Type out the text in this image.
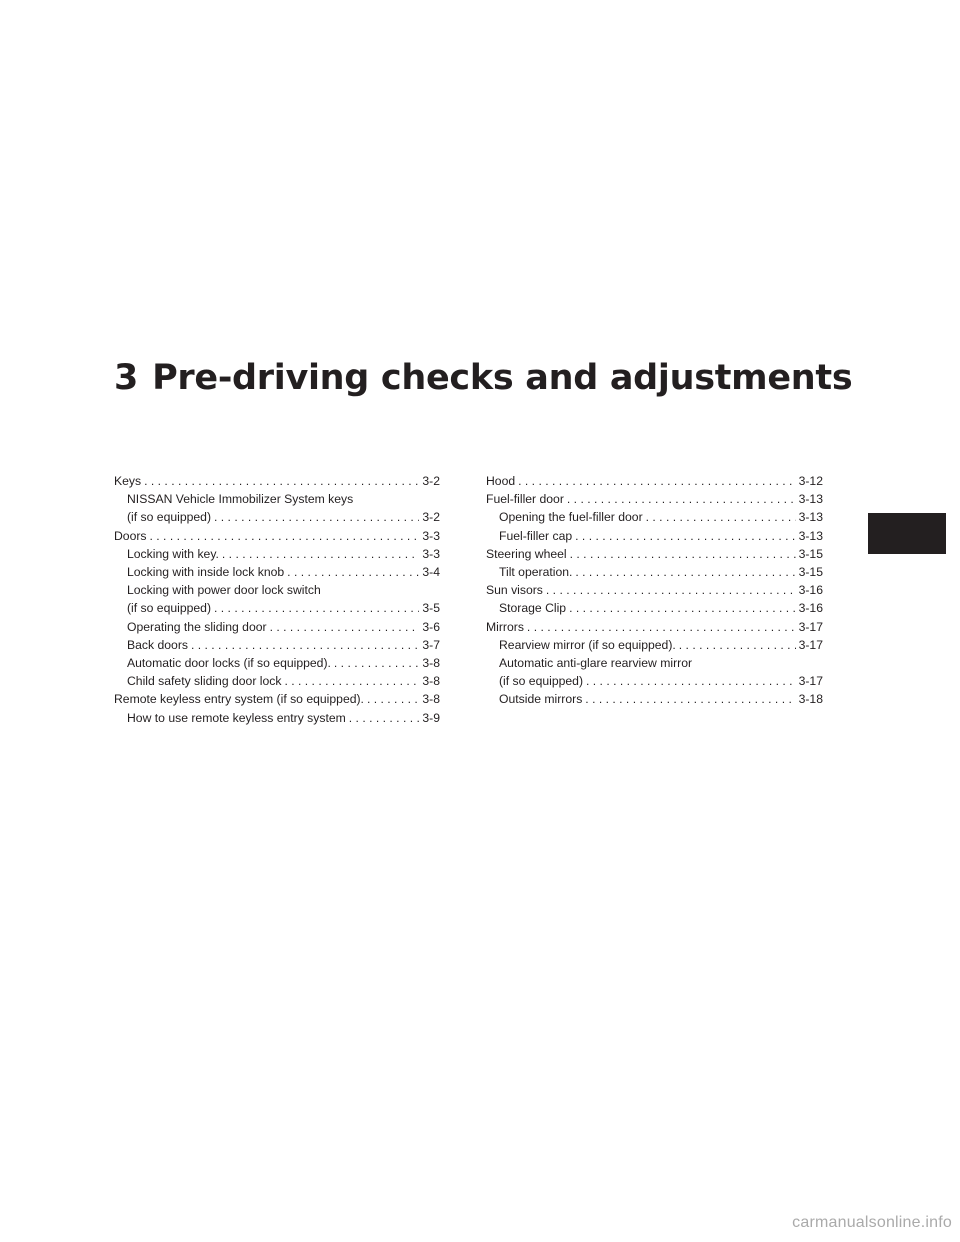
3 Pre-driving checks and adjustments
Keys . . .	3-2
NISSAN Vehicle Immobilizer System keys
(if so equipped) . . .	3-2
Doors . . .	3-3
Locking with key. . . .	3-3
Locking with inside lock knob . . .	3-4
Locking with power door lock switch
(if so equipped) . . .	3-5
Operating the sliding door . . .	3-6
Back doors . . .	3-7
Automatic door locks (if so equipped). . . .	3-8
Child safety sliding door lock . . .	3-8
Remote keyless entry system (if so equipped). . . .	3-8
How to use remote keyless entry system . . .	3-9
Hood . . .	3-12
Fuel-filler door . . .	3-13
Opening the fuel-filler door . . .	3-13
Fuel-filler cap . . .	3-13
Steering wheel . . .	3-15
Tilt operation. . . .	3-15
Sun visors . . .	3-16
Storage Clip . . .	3-16
Mirrors . . .	3-17
Rearview mirror (if so equipped). . . .	3-17
Automatic anti-glare rearview mirror
(if so equipped) . . .	3-17
Outside mirrors . . .	3-18
carmanualsonline.info
